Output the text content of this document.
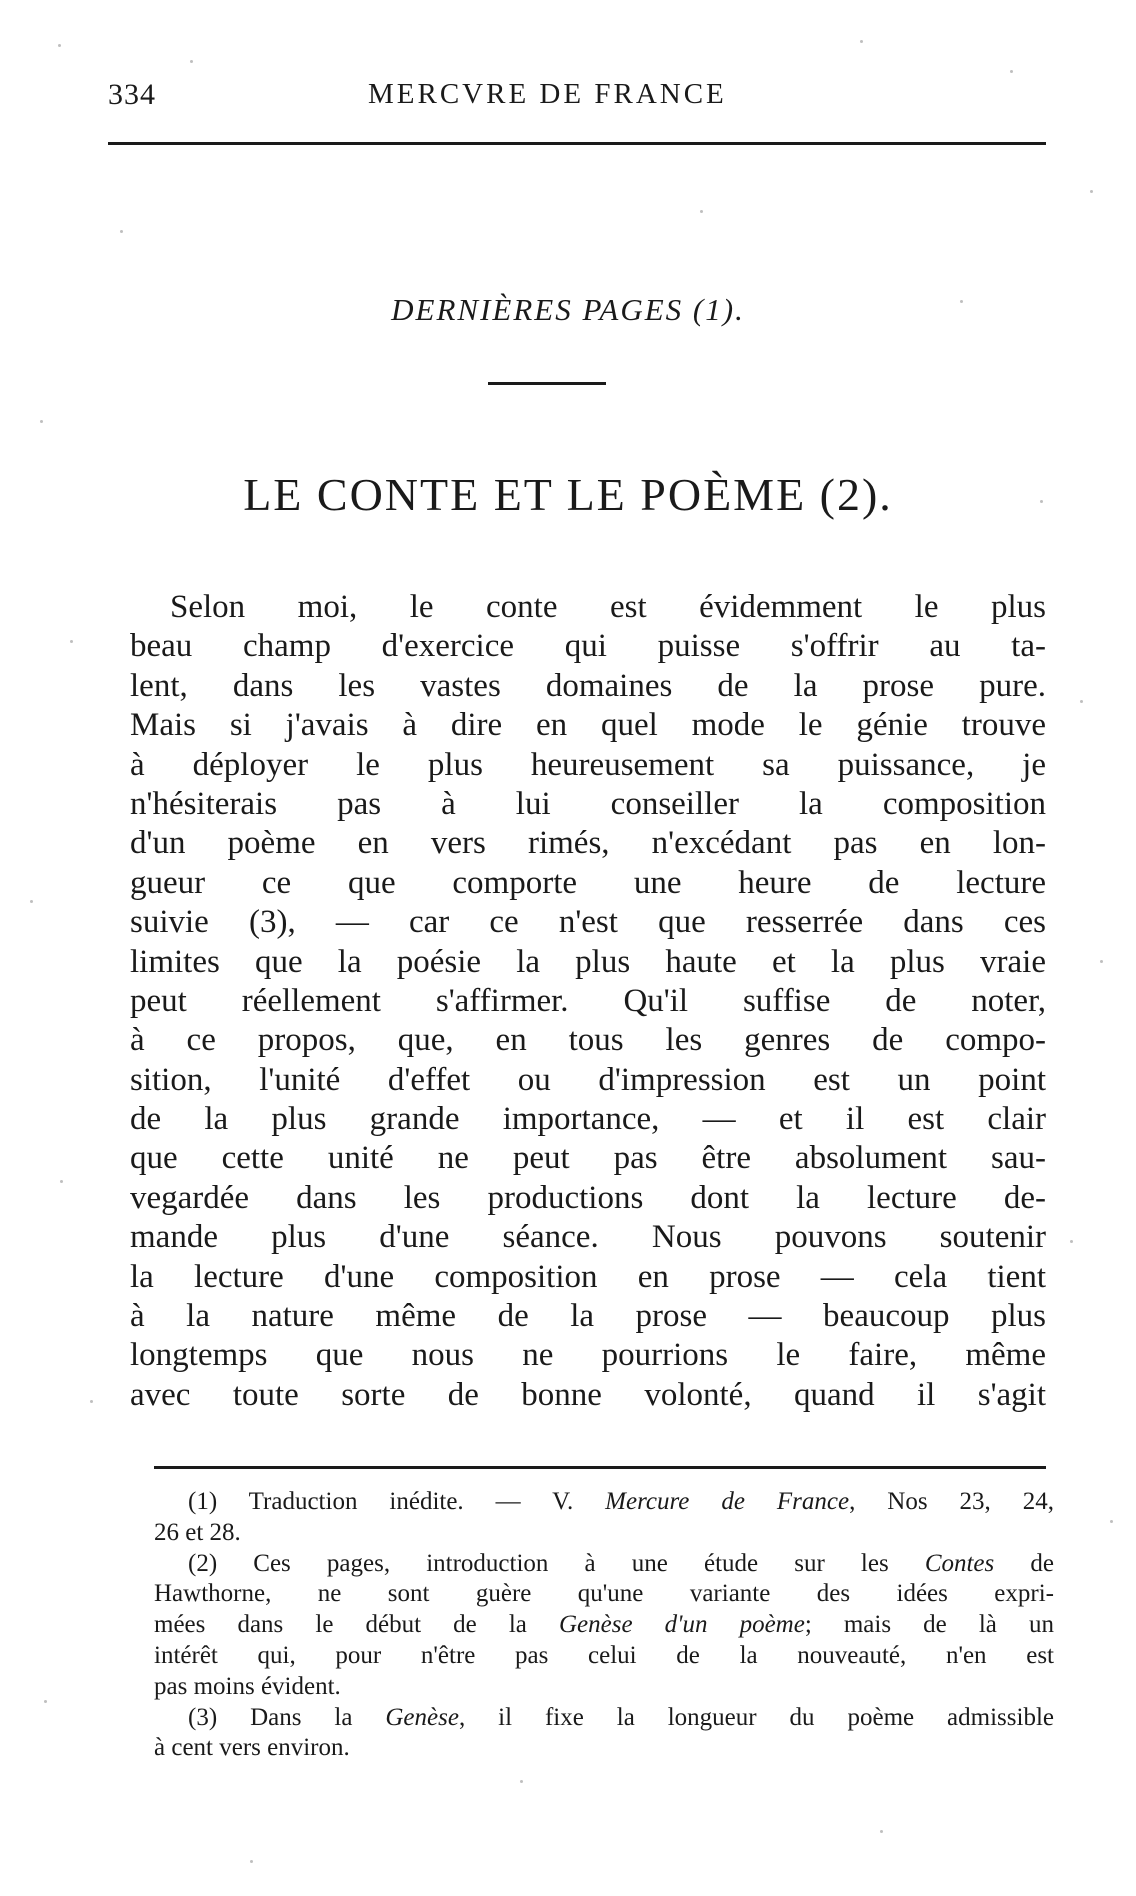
334	MERCVRE DE FRANCE
DERNIÈRES PAGES (1).
LE CONTE ET LE POÈME (2).
Selon moi, le conte est évidemment le plus
beau champ d'exercice qui puisse s'offrir au ta-
lent, dans les vastes domaines de la prose pure.
Mais si j'avais à dire en quel mode le génie trouve
à déployer le plus heureusement sa puissance, je
n'hésiterais pas à lui conseiller la composition
d'un poème en vers rimés, n'excédant pas en lon-
gueur ce que comporte une heure de lecture
suivie (3), — car ce n'est que resserrée dans ces
limites que la poésie la plus haute et la plus vraie
peut réellement s'affirmer. Qu'il suffise de noter,
à ce propos, que, en tous les genres de compo-
sition, l'unité d'effet ou d'impression est un point
de la plus grande importance, — et il est clair
que cette unité ne peut pas être absolument sau-
vegardée dans les productions dont la lecture de-
mande plus d'une séance. Nous pouvons soutenir
la lecture d'une composition en prose — cela tient
à la nature même de la prose — beaucoup plus
longtemps que nous ne pourrions le faire, même
avec toute sorte de bonne volonté, quand il s'agit
(1) Traduction inédite. — V. Mercure de France, Nos 23, 24,
26 et 28.
(2) Ces pages, introduction à une étude sur les Contes de
Hawthorne, ne sont guère qu'une variante des idées expri-
mées dans le début de la Genèse d'un poème; mais de là un
intérêt qui, pour n'être pas celui de la nouveauté, n'en est
pas moins évident.
(3) Dans la Genèse, il fixe la longueur du poème admissible
à cent vers environ.
